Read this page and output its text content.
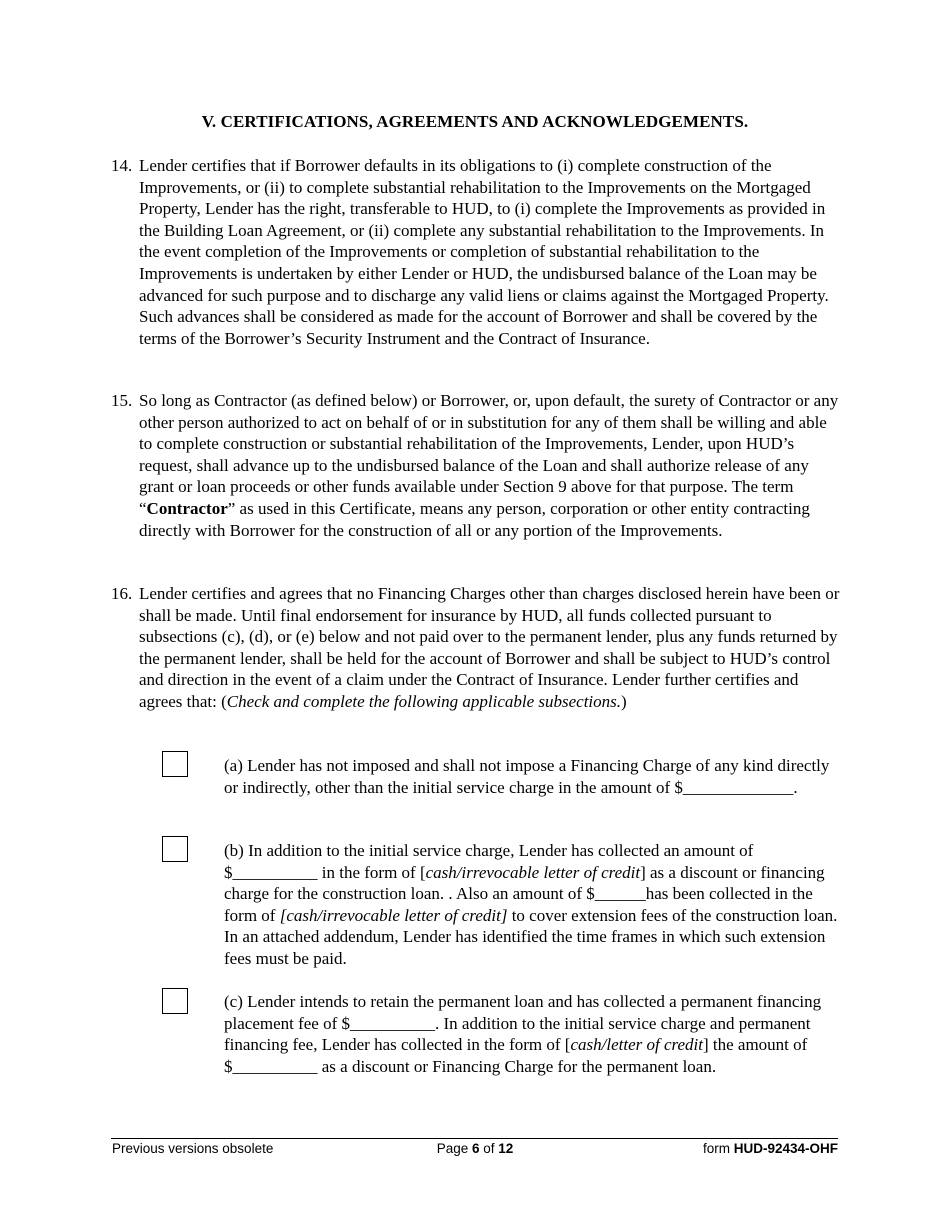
V. CERTIFICATIONS, AGREEMENTS AND ACKNOWLEDGEMENTS.
14. Lender certifies that if Borrower defaults in its obligations to (i) complete construction of the Improvements, or (ii) to complete substantial rehabilitation to the Improvements on the Mortgaged Property, Lender has the right, transferable to HUD, to (i) complete the Improvements as provided in the Building Loan Agreement, or (ii) complete any substantial rehabilitation to the Improvements. In the event completion of the Improvements or completion of substantial rehabilitation to the Improvements is undertaken by either Lender or HUD, the undisbursed balance of the Loan may be advanced for such purpose and to discharge any valid liens or claims against the Mortgaged Property. Such advances shall be considered as made for the account of Borrower and shall be covered by the terms of the Borrower’s Security Instrument and the Contract of Insurance.
15. So long as Contractor (as defined below) or Borrower, or, upon default, the surety of Contractor or any other person authorized to act on behalf of or in substitution for any of them shall be willing and able to complete construction or substantial rehabilitation of the Improvements, Lender, upon HUD’s request, shall advance up to the undisbursed balance of the Loan and shall authorize release of any grant or loan proceeds or other funds available under Section 9 above for that purpose. The term “Contractor” as used in this Certificate, means any person, corporation or other entity contracting directly with Borrower for the construction of all or any portion of the Improvements.
16. Lender certifies and agrees that no Financing Charges other than charges disclosed herein have been or shall be made. Until final endorsement for insurance by HUD, all funds collected pursuant to subsections (c), (d), or (e) below and not paid over to the permanent lender, plus any funds returned by the permanent lender, shall be held for the account of Borrower and shall be subject to HUD’s control and direction in the event of a claim under the Contract of Insurance. Lender further certifies and agrees that: (Check and complete the following applicable subsections.)
(a) Lender has not imposed and shall not impose a Financing Charge of any kind directly or indirectly, other than the initial service charge in the amount of $_____________.
(b) In addition to the initial service charge, Lender has collected an amount of $__________ in the form of [cash/irrevocable letter of credit] as a discount or financing charge for the construction loan. . Also an amount of $______has been collected in the form of [cash/irrevocable letter of credit] to cover extension fees of the construction loan. In an attached addendum, Lender has identified the time frames in which such extension fees must be paid.
(c) Lender intends to retain the permanent loan and has collected a permanent financing placement fee of $__________. In addition to the initial service charge and permanent financing fee, Lender has collected in the form of [cash/letter of credit] the amount of $__________ as a discount or Financing Charge for the permanent loan.
Previous versions obsolete	Page 6 of 12	form HUD-92434-OHF
